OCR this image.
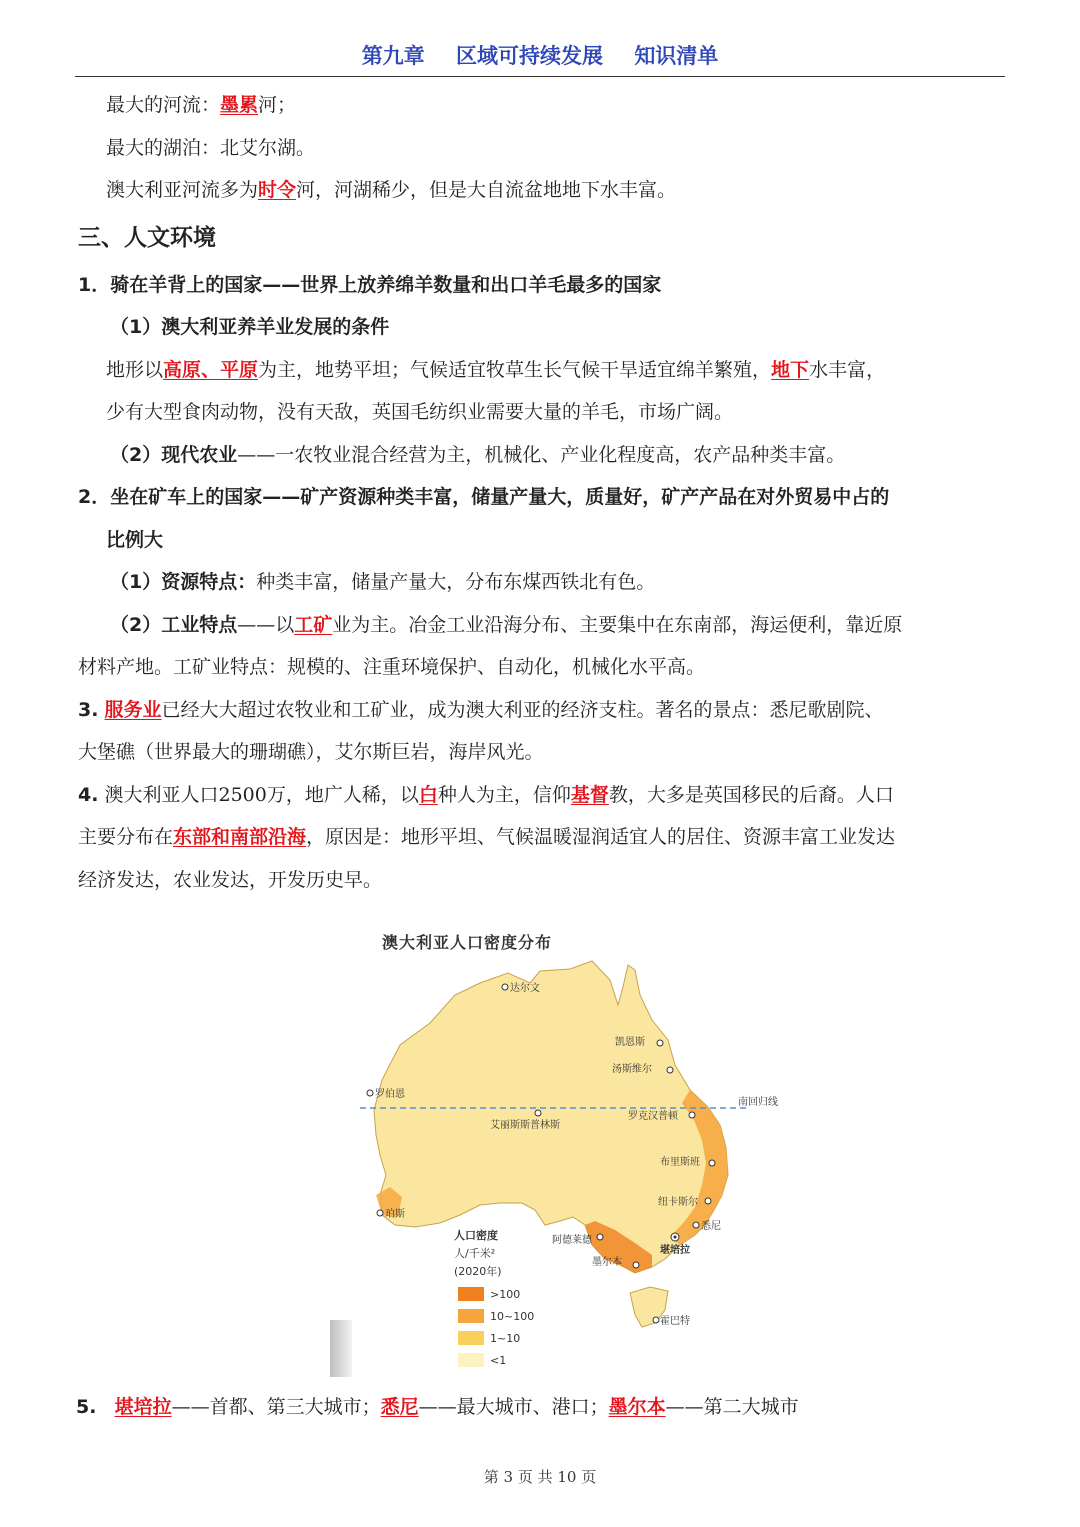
第九章 区域可持续发展 知识清单
最大的河流：墨累河；
最大的湖泊：北艾尔湖。
澳大利亚河流多为时令河，河湖稀少，但是大自流盆地地下水丰富。
三、人文环境
1．骑在羊背上的国家——世界上放养绵羊数量和出口羊毛最多的国家
（1）澳大利亚养羊业发展的条件
地形以高原、平原为主，地势平坦；气候适宜牧草生长气候干旱适宜绵羊繁殖，地下水丰富，
少有大型食肉动物，没有天敌，英国毛纺织业需要大量的羊毛，市场广阔。
（2）现代农业——一农牧业混合经营为主，机械化、产业化程度高，农产品种类丰富。
2．坐在矿车上的国家——矿产资源种类丰富，储量产量大，质量好，矿产产品在对外贸易中占的
比例大
（1）资源特点：种类丰富，储量产量大，分布东煤西铁北有色。
（2）工业特点——以工矿业为主。冶金工业沿海分布、主要集中在东南部，海运便利，靠近原
材料产地。工矿业特点：规模的、注重环境保护、自动化，机械化水平高。
3. 服务业已经大大超过农牧业和工矿业，成为澳大利亚的经济支柱。著名的景点：悉尼歌剧院、
大堡礁（世界最大的珊瑚礁），艾尔斯巨岩，海岸风光。
4. 澳大利亚人口2500万，地广人稀，以白种人为主，信仰基督教，大多是英国移民的后裔。人口
主要分布在东部和南部沿海，原因是：地形平坦、气候温暖湿润适宜人的居住、资源丰富工业发达
经济发达，农业发达，开发历史早。
澳大利亚人口密度分布
南回归线
达尔文
凯恩斯
汤斯维尔
罗伯恩
罗克汉普顿
艾丽斯斯普林斯
布里斯班
纽卡斯尔
珀斯
悉尼
阿德莱德
堪培拉
墨尔本
霍巴特
人口密度
人/千米²
(2020年)
>100
10~100
1~10
<1
5. 堪培拉——首都、第三大城市；悉尼——最大城市、港口；墨尔本——第二大城市
第 3 页 共 10 页
